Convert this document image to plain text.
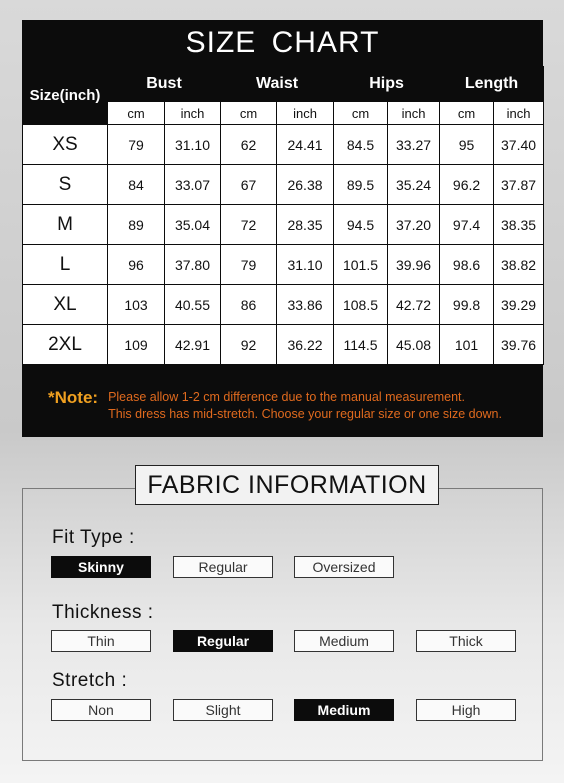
SIZE CHART
Size(inch)	Bust		Waist		Hips		Length	
	cm	inch	cm	inch	cm	inch	cm	inch
XS	79	31.10	62	24.41	84.5	33.27	95	37.40
S	84	33.07	67	26.38	89.5	35.24	96.2	37.87
M	89	35.04	72	28.35	94.5	37.20	97.4	38.35
L	96	37.80	79	31.10	101.5	39.96	98.6	38.82
XL	103	40.55	86	33.86	108.5	42.72	99.8	39.29
2XL	109	42.91	92	36.22	114.5	45.08	101	39.76
*Note: Please allow 1-2 cm difference due to the manual measurement.
This dress has mid-stretch. Choose your regular size or one size down.
FABRIC INFORMATION
Fit Type :
Skinny	Regular	Oversized
Thickness :
Thin	Regular	Medium	Thick
Stretch :
Non	Slight	Medium	High
